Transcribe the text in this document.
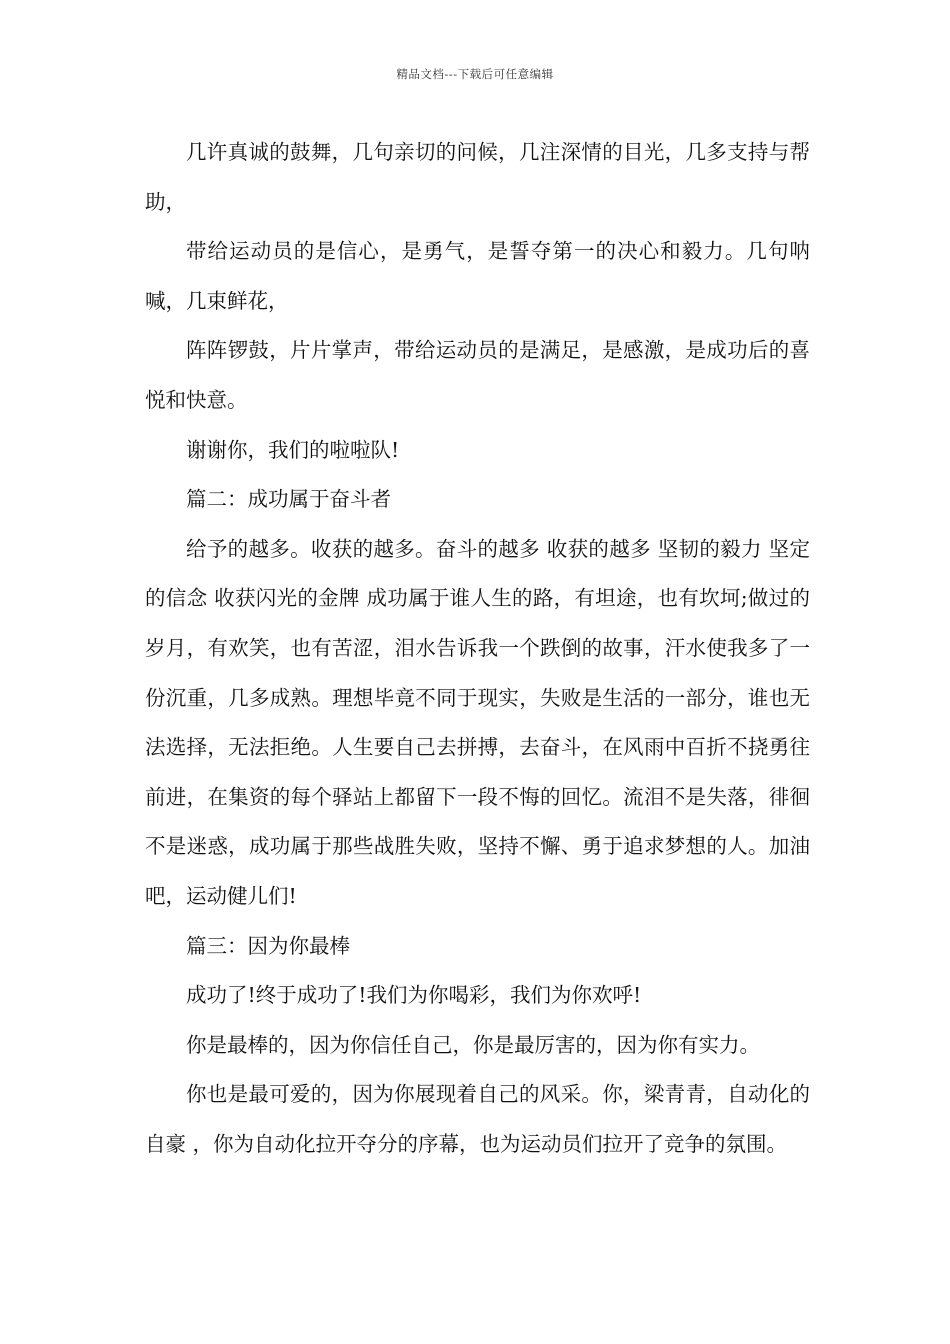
精品文档---下载后可任意编辑

几许真诚的鼓舞，几句亲切的问候，几注深情的目光，几多支持与帮助，

带给运动员的是信心，是勇气，是誓夺第一的决心和毅力。几句呐喊，几束鲜花，

阵阵锣鼓，片片掌声，带给运动员的是满足，是感激，是成功后的喜悦和快意。

谢谢你，我们的啦啦队!

篇二：成功属于奋斗者

给予的越多。收获的越多。奋斗的越多 收获的越多 坚韧的毅力 坚定的信念 收获闪光的金牌 成功属于谁人生的路，有坦途，也有坎坷;做过的岁月，有欢笑，也有苦涩，泪水告诉我一个跌倒的故事，汗水使我多了一份沉重，几多成熟。理想毕竟不同于现实，失败是生活的一部分，谁也无法选择，无法拒绝。人生要自己去拼搏，去奋斗，在风雨中百折不挠勇往前进，在集资的每个驿站上都留下一段不悔的回忆。流泪不是失落，徘徊不是迷惑，成功属于那些战胜失败，坚持不懈、勇于追求梦想的人。加油吧，运动健儿们!

篇三：因为你最棒

成功了!终于成功了!我们为你喝彩，我们为你欢呼!

你是最棒的，因为你信任自己，你是最厉害的，因为你有实力。

你也是最可爱的，因为你展现着自己的风采。你，梁青青，自动化的自豪 ，你为自动化拉开夺分的序幕，也为运动员们拉开了竞争的氛围。
